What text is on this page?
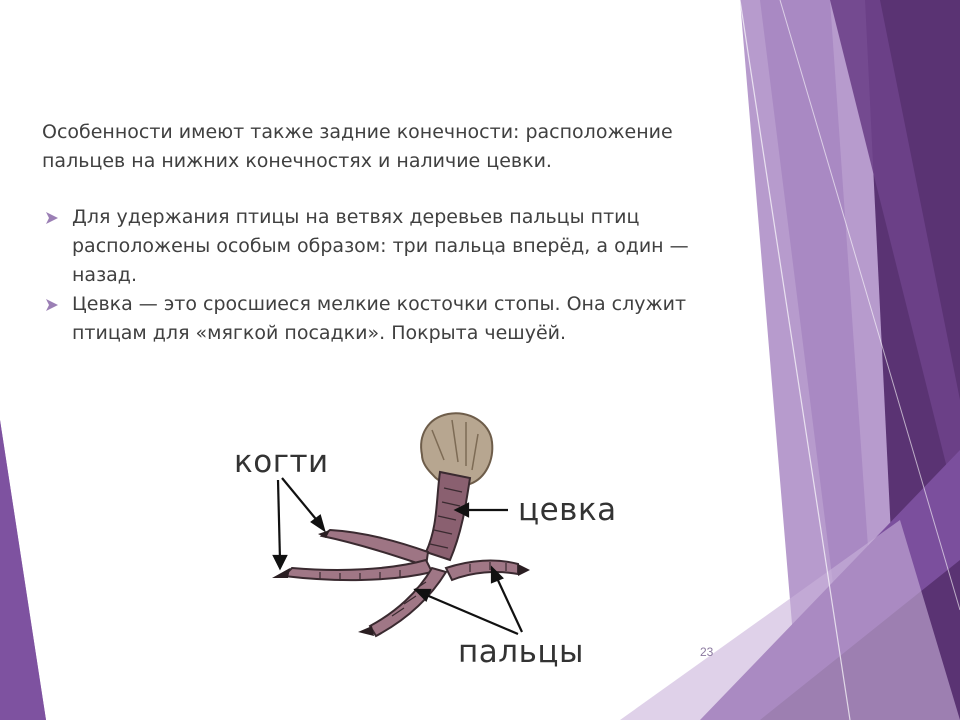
Особенности имеют также задние конечности: расположение пальцев на нижних конечностях и наличие цевки.

Для удержания птицы на ветвях деревьев пальцы птиц расположены особым образом: три пальца вперёд, а один — назад.
Цевка — это сросшиеся мелкие косточки стопы. Она служит птицам для «мягкой посадки». Покрыта чешуёй.
когти
цевка
пальцы	23
